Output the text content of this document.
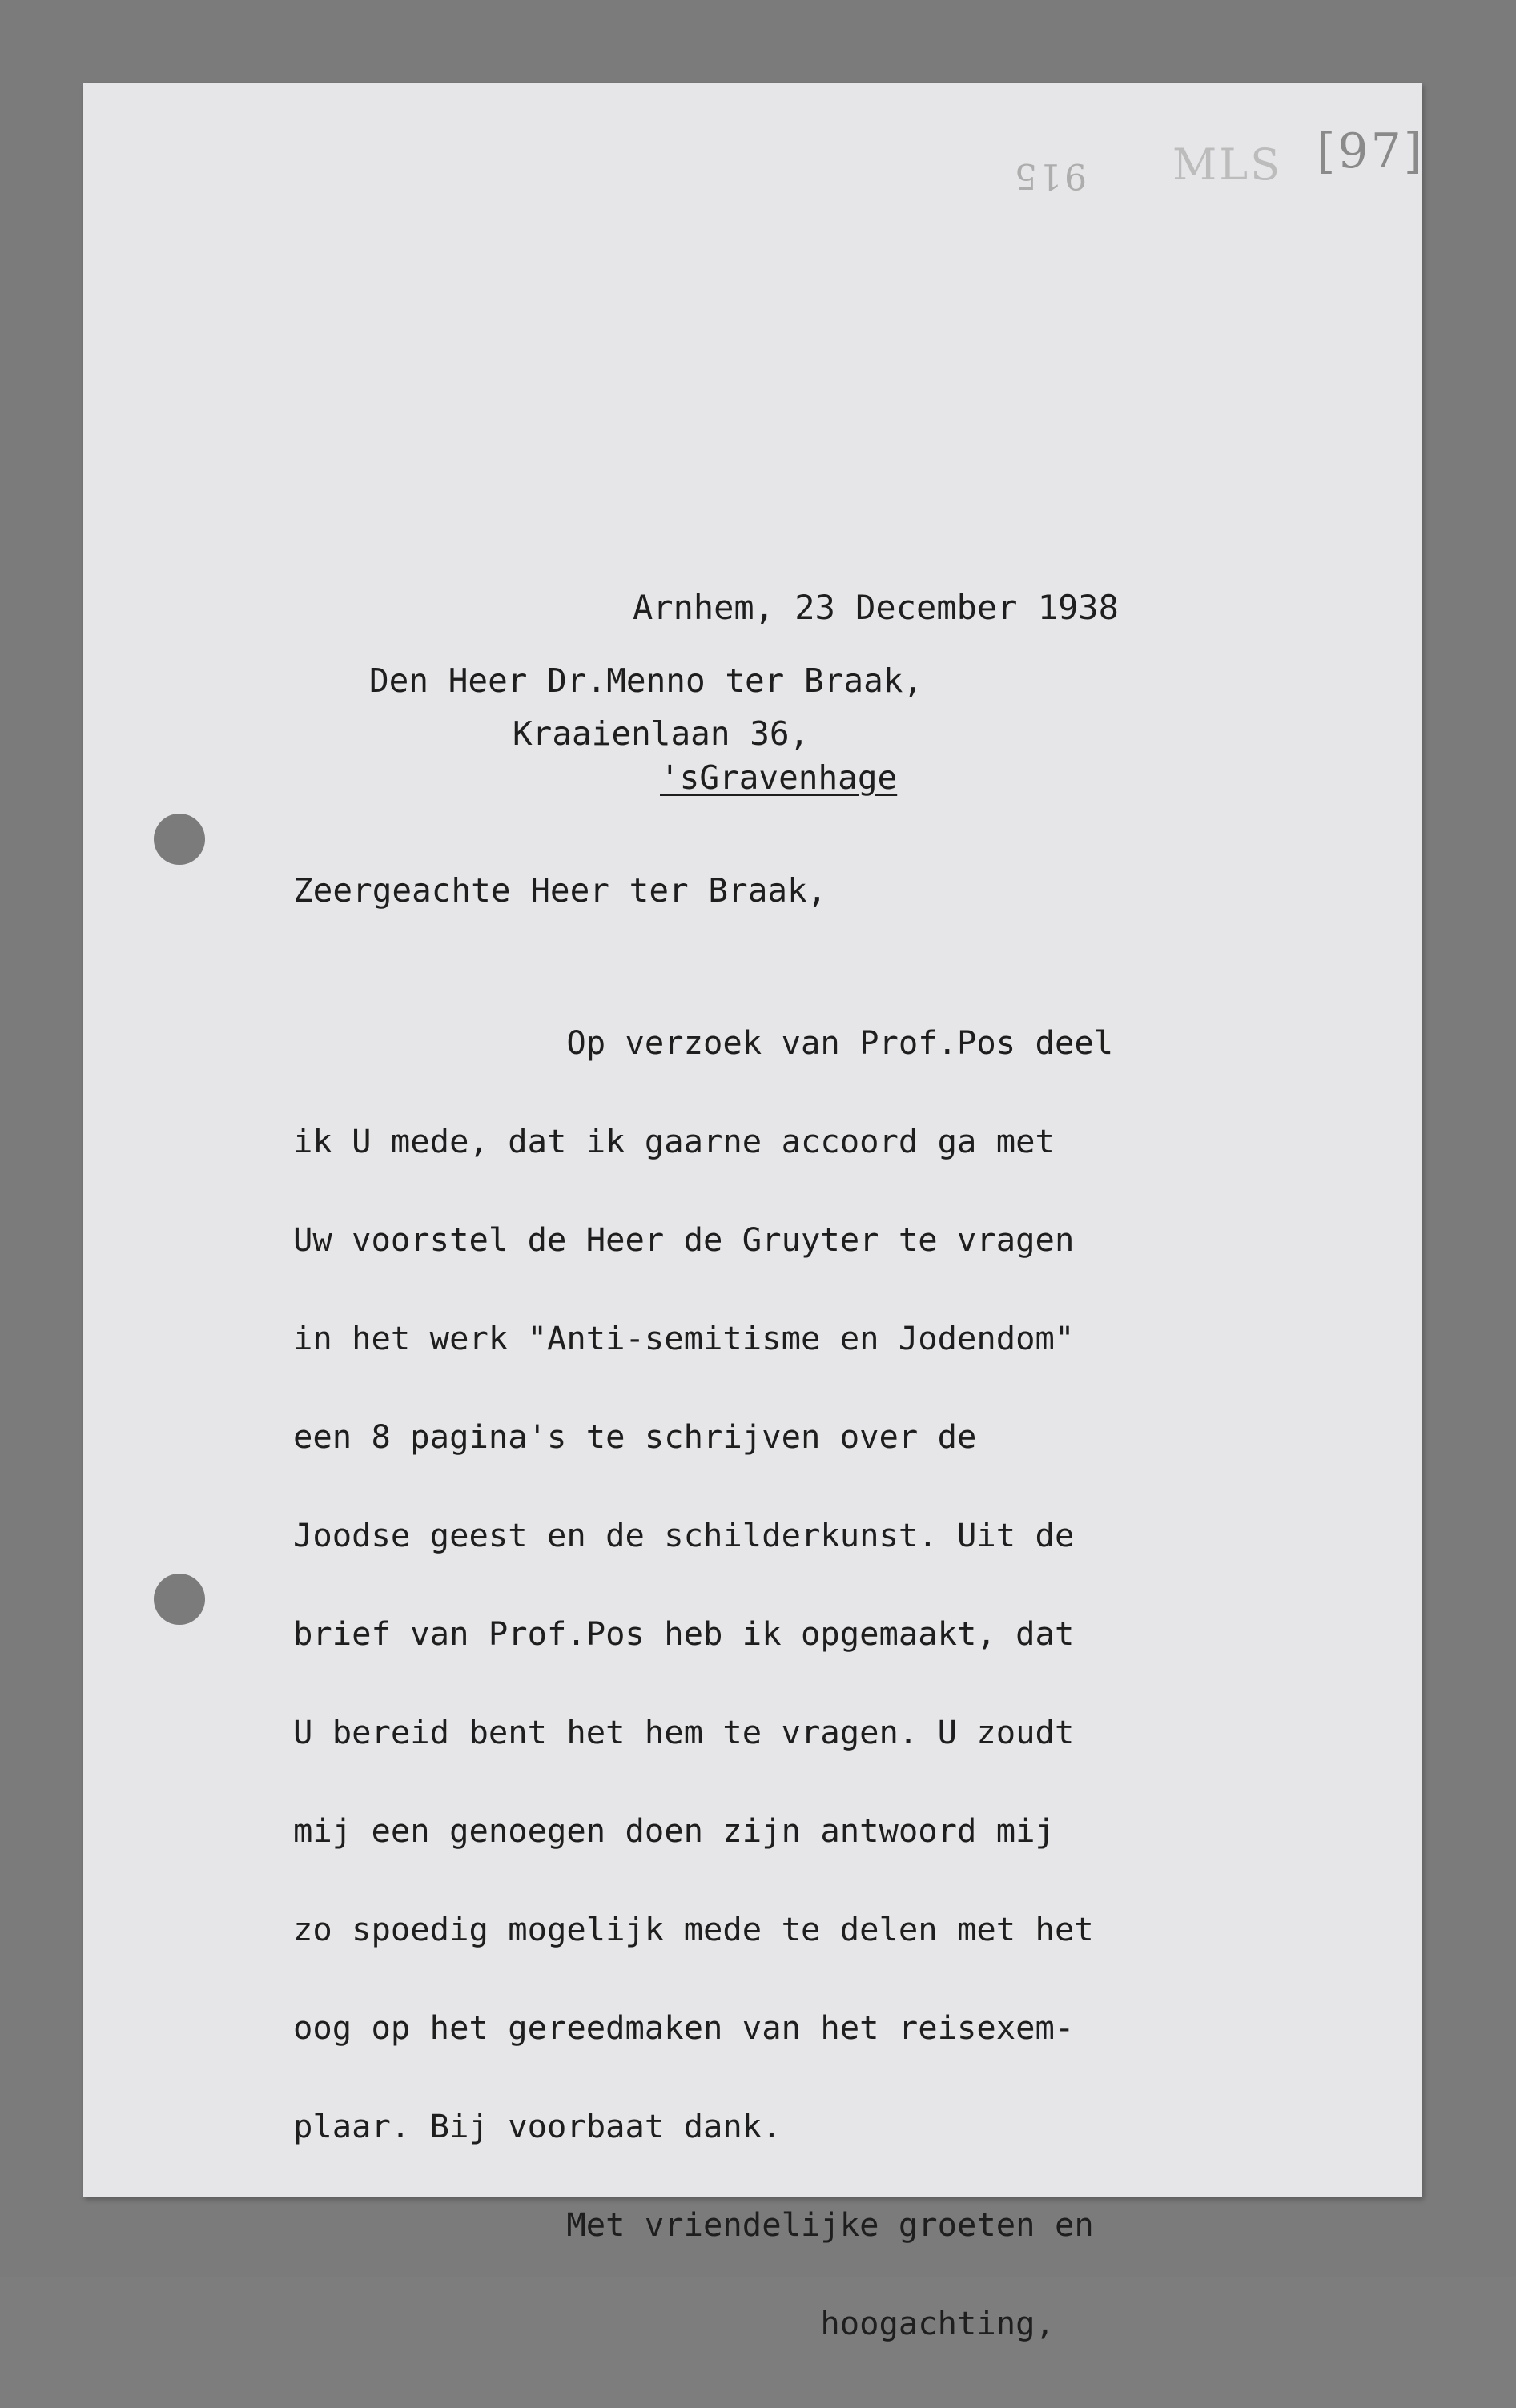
915 MLS [97]

Arnhem, 23 December 1938

Den Heer Dr.Menno ter Braak,

Kraaienlaan 36,

'sGravenhage

Zeergeachte Heer ter Braak,

Op verzoek van Prof.Pos deel

ik U mede, dat ik gaarne accoord ga met

Uw voorstel de Heer de Gruyter te vragen

in het werk "Anti-semitisme en Jodendom"

een 8 pagina's te schrijven over de

Joodse geest en de schilderkunst. Uit de

brief van Prof.Pos heb ik opgemaakt, dat

U bereid bent het hem te vragen. U zoudt

mij een genoegen doen zijn antwoord mij

zo spoedig mogelijk mede te delen met het

oog op het gereedmaken van het reisexem-

plaar. Bij voorbaat dank.

Met vriendelijke groeten en

hoogachting,
